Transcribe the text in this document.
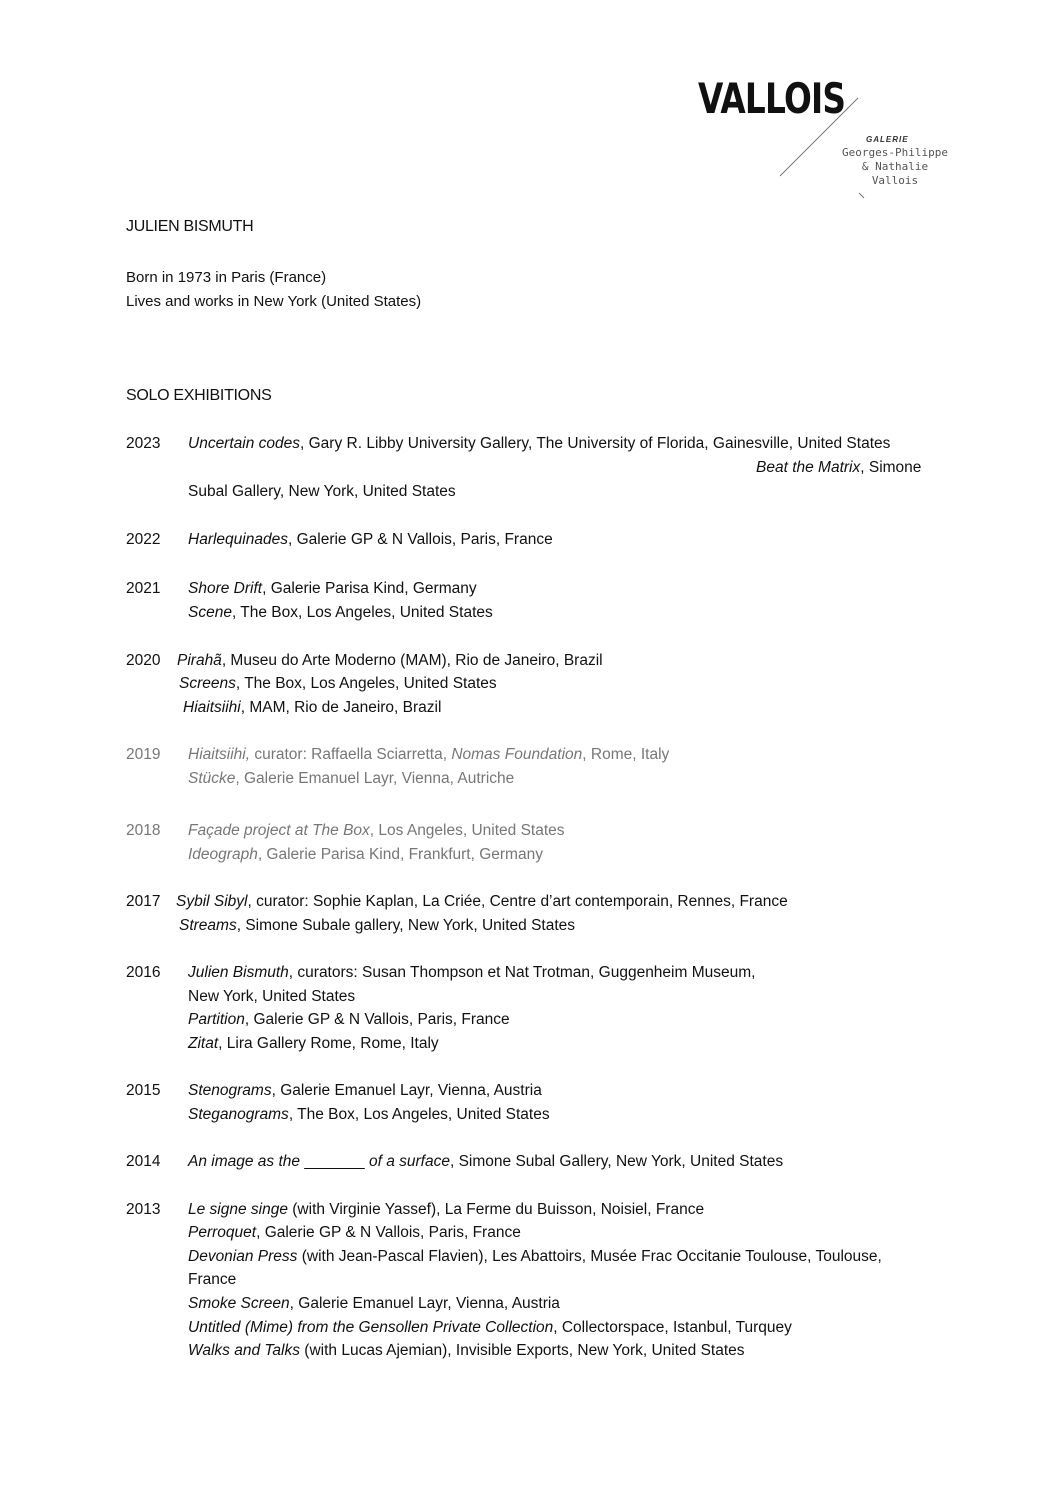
VALLOIS
GALERIE
Georges-Philippe
& Nathalie
Vallois
JULIEN BISMUTH
Born in 1973 in Paris (France)
Lives and works in New York (United States)
SOLO EXHIBITIONS
2023 Uncertain codes, Gary R. Libby University Gallery, The University of Florida, Gainesville, United States
Beat the Matrix, Simone
Subal Gallery, New York, United States
2022 Harlequinades, Galerie GP & N Vallois, Paris, France
2021 Shore Drift, Galerie Parisa Kind, Germany
Scene, The Box, Los Angeles, United States
2020 Pirahã, Museu do Arte Moderno (MAM), Rio de Janeiro, Brazil
Screens, The Box, Los Angeles, United States
Hiaitsiihi, MAM, Rio de Janeiro, Brazil
2019 Hiaitsiihi, curator: Raffaella Sciarretta, Nomas Foundation, Rome, Italy
Stücke, Galerie Emanuel Layr, Vienna, Autriche
2018 Façade project at The Box, Los Angeles, United States
Ideograph, Galerie Parisa Kind, Frankfurt, Germany
2017 Sybil Sibyl, curator: Sophie Kaplan, La Criée, Centre d’art contemporain, Rennes, France
Streams, Simone Subale gallery, New York, United States
2016 Julien Bismuth, curators: Susan Thompson et Nat Trotman, Guggenheim Museum,
New York, United States
Partition, Galerie GP & N Vallois, Paris, France
Zitat, Lira Gallery Rome, Rome, Italy
2015 Stenograms, Galerie Emanuel Layr, Vienna, Austria
Steganograms, The Box, Los Angeles, United States
2014 An image as the _______ of a surface, Simone Subal Gallery, New York, United States
2013 Le signe singe (with Virginie Yassef), La Ferme du Buisson, Noisiel, France
Perroquet, Galerie GP & N Vallois, Paris, France
Devonian Press (with Jean-Pascal Flavien), Les Abattoirs, Musée Frac Occitanie Toulouse, Toulouse,
France
Smoke Screen, Galerie Emanuel Layr, Vienna, Austria
Untitled (Mime) from the Gensollen Private Collection, Collectorspace, Istanbul, Turquey
Walks and Talks (with Lucas Ajemian), Invisible Exports, New York, United States
